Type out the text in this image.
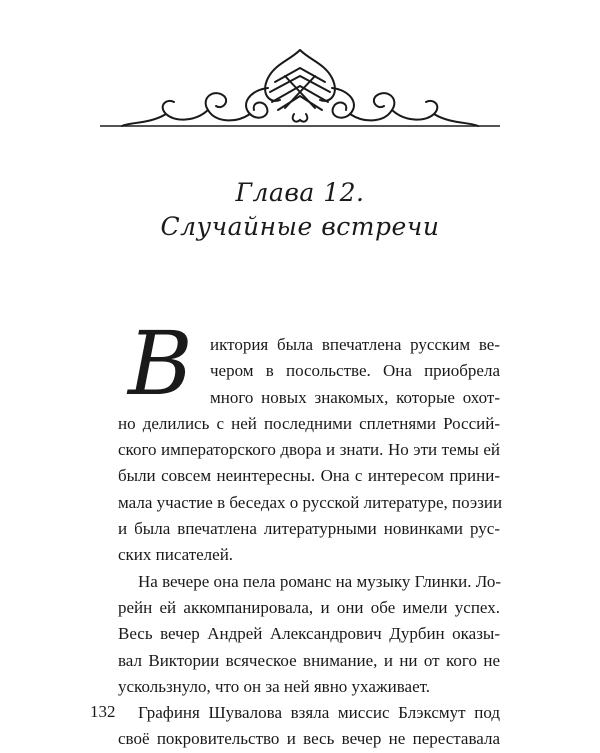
Глава 12.
Случайные встречи
В	иктория была впечатлена русским ве-
чером в посольстве. Она приобрела
много новых знакомых, которые охот-
но делились с ней последними сплетнями Россий-
ского императорского двора и знати. Но эти темы ей
были совсем неинтересны. Она с интересом прини-
мала участие в беседах о русской литературе, поэзии
и была впечатлена литературными новинками рус-
ских писателей.
На вечере она пела романс на музыку Глинки. Ло-
рейн ей аккомпанировала, и они обе имели успех.
Весь вечер Андрей Александрович Дурбин оказы-
вал Виктории всяческое внимание, и ни от кого не
ускользнуло, что он за ней явно ухаживает.
Графиня Шувалова взяла миссис Блэксмут под
своё покровительство и весь вечер не переставала
132
